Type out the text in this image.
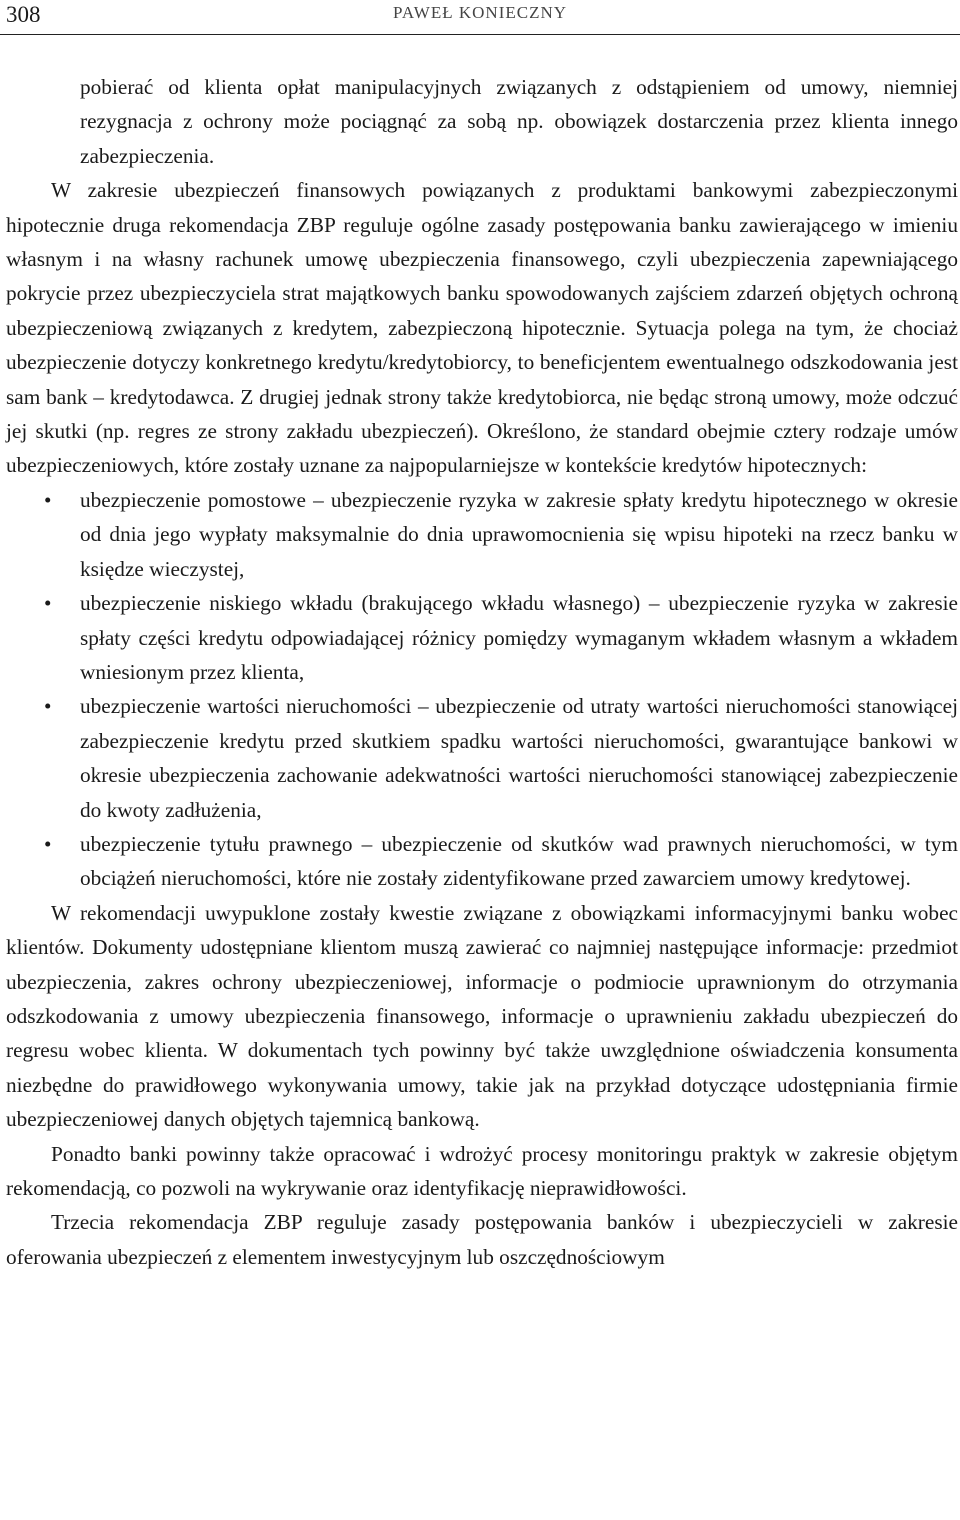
308	PAWEŁ KONIECZNY

pobierać od klienta opłat manipulacyjnych związanych z odstąpieniem od umowy, niemniej rezygnacja z ochrony może pociągnąć za sobą np. obowiązek dostarczenia przez klienta innego zabezpieczenia.

W zakresie ubezpieczeń finansowych powiązanych z produktami bankowymi zabezpieczonymi hipotecznie druga rekomendacja ZBP reguluje ogólne zasady postępowania banku zawierającego w imieniu własnym i na własny rachunek umowę ubezpieczenia finansowego, czyli ubezpieczenia zapewniającego pokrycie przez ubezpieczyciela strat majątkowych banku spowodowanych zajściem zdarzeń objętych ochroną ubezpieczeniową związanych z kredytem, zabezpieczoną hipotecznie. Sytuacja polega na tym, że chociaż ubezpieczenie dotyczy konkretnego kredytu/kredytobiorcy, to beneficjentem ewentualnego odszkodowania jest sam bank – kredytodawca. Z drugiej jednak strony także kredytobiorca, nie będąc stroną umowy, może odczuć jej skutki (np. regres ze strony zakładu ubezpieczeń). Określono, że standard obejmie cztery rodzaje umów ubezpieczeniowych, które zostały uznane za najpopularniejsze w kontekście kredytów hipotecznych:

• ubezpieczenie pomostowe – ubezpieczenie ryzyka w zakresie spłaty kredytu hipotecznego w okresie od dnia jego wypłaty maksymalnie do dnia uprawomocnienia się wpisu hipoteki na rzecz banku w księdze wieczystej,
• ubezpieczenie niskiego wkładu (brakującego wkładu własnego) – ubezpieczenie ryzyka w zakresie spłaty części kredytu odpowiadającej różnicy pomiędzy wymaganym wkładem własnym a wkładem wniesionym przez klienta,
• ubezpieczenie wartości nieruchomości – ubezpieczenie od utraty wartości nieruchomości stanowiącej zabezpieczenie kredytu przed skutkiem spadku wartości nieruchomości, gwarantujące bankowi w okresie ubezpieczenia zachowanie adekwatności wartości nieruchomości stanowiącej zabezpieczenie do kwoty zadłużenia,
• ubezpieczenie tytułu prawnego – ubezpieczenie od skutków wad prawnych nieruchomości, w tym obciążeń nieruchomości, które nie zostały zidentyfikowane przed zawarciem umowy kredytowej.

W rekomendacji uwypuklone zostały kwestie związane z obowiązkami informacyjnymi banku wobec klientów. Dokumenty udostępniane klientom muszą zawierać co najmniej następujące informacje: przedmiot ubezpieczenia, zakres ochrony ubezpieczeniowej, informacje o podmiocie uprawnionym do otrzymania odszkodowania z umowy ubezpieczenia finansowego, informacje o uprawnieniu zakładu ubezpieczeń do regresu wobec klienta. W dokumentach tych powinny być także uwzględnione oświadczenia konsumenta niezbędne do prawidłowego wykonywania umowy, takie jak na przykład dotyczące udostępniania firmie ubezpieczeniowej danych objętych tajemnicą bankową.

Ponadto banki powinny także opracować i wdrożyć procesy monitoringu praktyk w zakresie objętym rekomendacją, co pozwoli na wykrywanie oraz identyfikację nieprawidłowości.

Trzecia rekomendacja ZBP reguluje zasady postępowania banków i ubezpieczycieli w zakresie oferowania ubezpieczeń z elementem inwestycyjnym lub oszczędnościowym
